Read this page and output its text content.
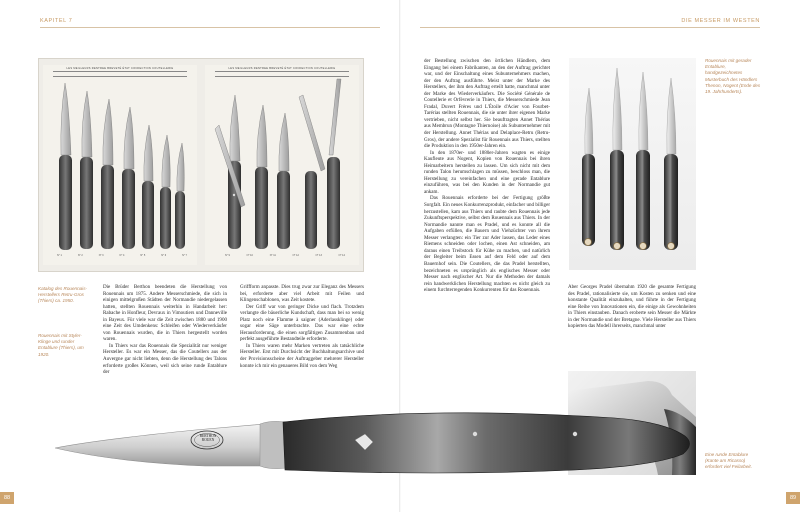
KAPITEL 7	DIE MESSER IM WESTEN
LES MEILLEURS RENTREE BREVETÉ ÉTAT CONFECTION COUTELLERIE
N° 1	N° 2	N° 3	N° 4	N° 5	N° 6	N° 7
LES MEILLEURS RENTREE BREVETÉ ÉTAT CONFECTION COUTELLERIE
N° 9	N° 10	N° 11	N° 12	N° 13	N° 14
Katalog des Rouennais-Herstellers Retru-Gros (Thiers) ca. 1950.
Rouennais mit Styler-Klinge und runder Entablure (Thiers), um 1920.

Die Brüder Berthon beendeten die Herstellung von Rouennais um 1875. Andere Messerschmiede, die sich in einigen mittelgroßen Städten der Normandie niedergelassen hatten, stellten Rouennais weiterhin in Handarbeit her: Rabache in Honfleur, Devraux in Vimoutiers und Danneville in Bayeux. Für viele war die Zeit zwischen 1880 und 1900 eine Zeit des Umdenkens: Schleifen oder Wiederverkäufer von Rouennais wurden, die in Thiers hergestellt worden waren.

In Thiers war das Rouennais die Spezialität nur weniger Hersteller. Es war ein Messer, das die Coutellers aus der Auvergne gar nicht liebten, denn die Herstellung des Talons erforderte großes Können, weil sich seine runde Entablure der

Griffform anpasste. Dies trug zwar zur Eleganz des Messers bei, erforderte aber viel Arbeit mit Feilen und Klingenschablonen, was Zeit kostete.

Der Griff war von geringer Dicke und flach. Trotzdem verlangte die bäuerliche Kundschaft, dass man bei so wenig Platz noch eine Flamme à saigner (Aderlassklinge) oder sogar eine Säge unterbrachte. Das war eine echte Herausforderung, die einen sorgfältigen Zusammenbau und perfekt ausgeführte Bestandteile erforderte.

In Thiers waren mehr Marken vertreten als tatsächliche Hersteller. Erst mit Durchsicht der Buchhaltungsarchive und der Provisionsscheine der Auftraggeber mehrerer Hersteller konnte ich mir ein genaueres Bild von dem Weg

der Bestellung zwischen den örtlichen Händlern, dem Eingang bei einem Fabrikanten, an den der Auftrag gerichtet war, und der Einschaltung eines Subunternehmers machen, der den Auftrag ausführte. Meist unter der Marke des Herstellers, der ihm den Auftrag erteilt hatte, manchmal unter der Marke des Wiederverkäufers. Die Société Générale de Coutellerie et Orfèvrerie in Thiers, die Messerschmiede Jean Fradal, Duvert Frères und L'Étoile d'Acier von Fourbet-Tarérias stellten Rouennais, die sie unter ihrer eigenen Marke vertrieben, nicht selbst her. Sie beauftragten Annet Thérias aus Membrun (Montagne Thiernoise) als Subunternehmer mit der Herstellung. Annet Thérias und Delaplace-Retru (Retru-Gros), der andere Spezialist für Rouennais aus Thiers, stellten die Produktion in den 1950er-Jahren ein.

In den 1870er- und 1880er-Jahren wagten es einige Kaufleute aus Nogent, Kopien von Rouennais bei ihren Heimarbeitern herstellen zu lassen. Um sich nicht mit dem runden Talon herumschlagen zu müssen, beschloss man, die Herstellung zu vereinfachen und eine gerade Entablure einzuführen, was bei den Kunden in der Normandie gut ankam.

Das Rouennais erforderte bei der Fertigung größte Sorgfalt. Ein neues Konkurrenzprodukt, einfacher und billiger herzustellen, kam aus Thiers und raubte dem Rouennais jede Zukunftsperspektive, selbst dem Rouennais aus Thiers. In der Normandie nannte man es Pradel, und es konnte all die Aufgaben erfüllen, die Bauern und Viehzüchter von ihrem Messer verlangten: ein Tier zur Ader lassen, das Leder eines Riemens schneiden oder lochen, einen Ast schneiden, am daraus einen Treibstock für Kühe zu machen, und natürlich der Begleiter beim Essen auf dem Feld oder auf dem Bauernhof sein. Die Coutellers, die das Pradel herstellten, bezeichneten es ursprünglich als englisches Messer oder Messer nach englischer Art. Nur die Methoden der damals rein handwerklichen Herstellung machten es nicht gleich zu einem furchterregenden Konkurrenten für das Rouennais.

Aber Georges Pradel übernahm 1920 die gesamte Fertigung des Pradel, rationalisierte sie, um Kosten zu senken und eine konstante Qualität einzuhalten, und führte in der Fertigung eine Reihe von Innovationen ein, die einige als Gewohnheiten in Thiers einstauben. Danach eroberte sein Messer die Märkte in der Normandie und der Bretagne. Viele Hersteller aus Thiers kopierten das Modell ihrerseits, manchmal unter

Rouennais mit gerader Entablure, handgezeichnetes Musterbuch des Händlers Thenon, Nogent (Ende des 19. Jahrhunderts).
Eine runde Entablure (Kante am Ricasso) erfordert viel Feilarbeit.
BERTHON
ROUEN
88	89
